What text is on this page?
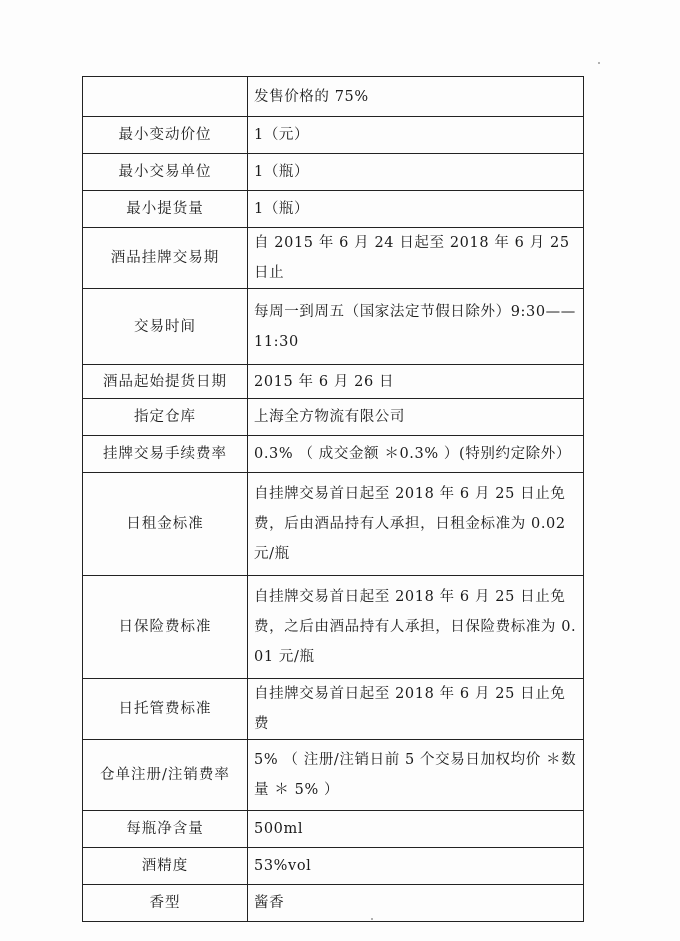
	发售价格的 75%
最小变动价位	1（元）
最小交易单位	1（瓶）
最小提货量	1（瓶）
酒品挂牌交易期	自 2015 年 6 月 24 日起至 2018 年 6 月 25 日止
交易时间	每周一到周五（国家法定节假日除外）9:30——11:30
酒品起始提货日期	2015 年 6 月 26 日
指定仓库	上海全方物流有限公司
挂牌交易手续费率	0.3% （ 成交金额 ＊0.3% ）(特别约定除外）
日租金标准	自挂牌交易首日起至 2018 年 6 月 25 日止免费，后由酒品持有人承担，日租金标准为 0.02 元/瓶
日保险费标准	自挂牌交易首日起至 2018 年 6 月 25 日止免费，之后由酒品持有人承担，日保险费标准为 0.01 元/瓶
日托管费标准	自挂牌交易首日起至 2018 年 6 月 25 日止免费
仓单注册/注销费率	5% （ 注册/注销日前 5 个交易日加权均价 ＊数量 ＊ 5% ）
每瓶净含量	500ml
酒精度	53%vol
香型	酱香
